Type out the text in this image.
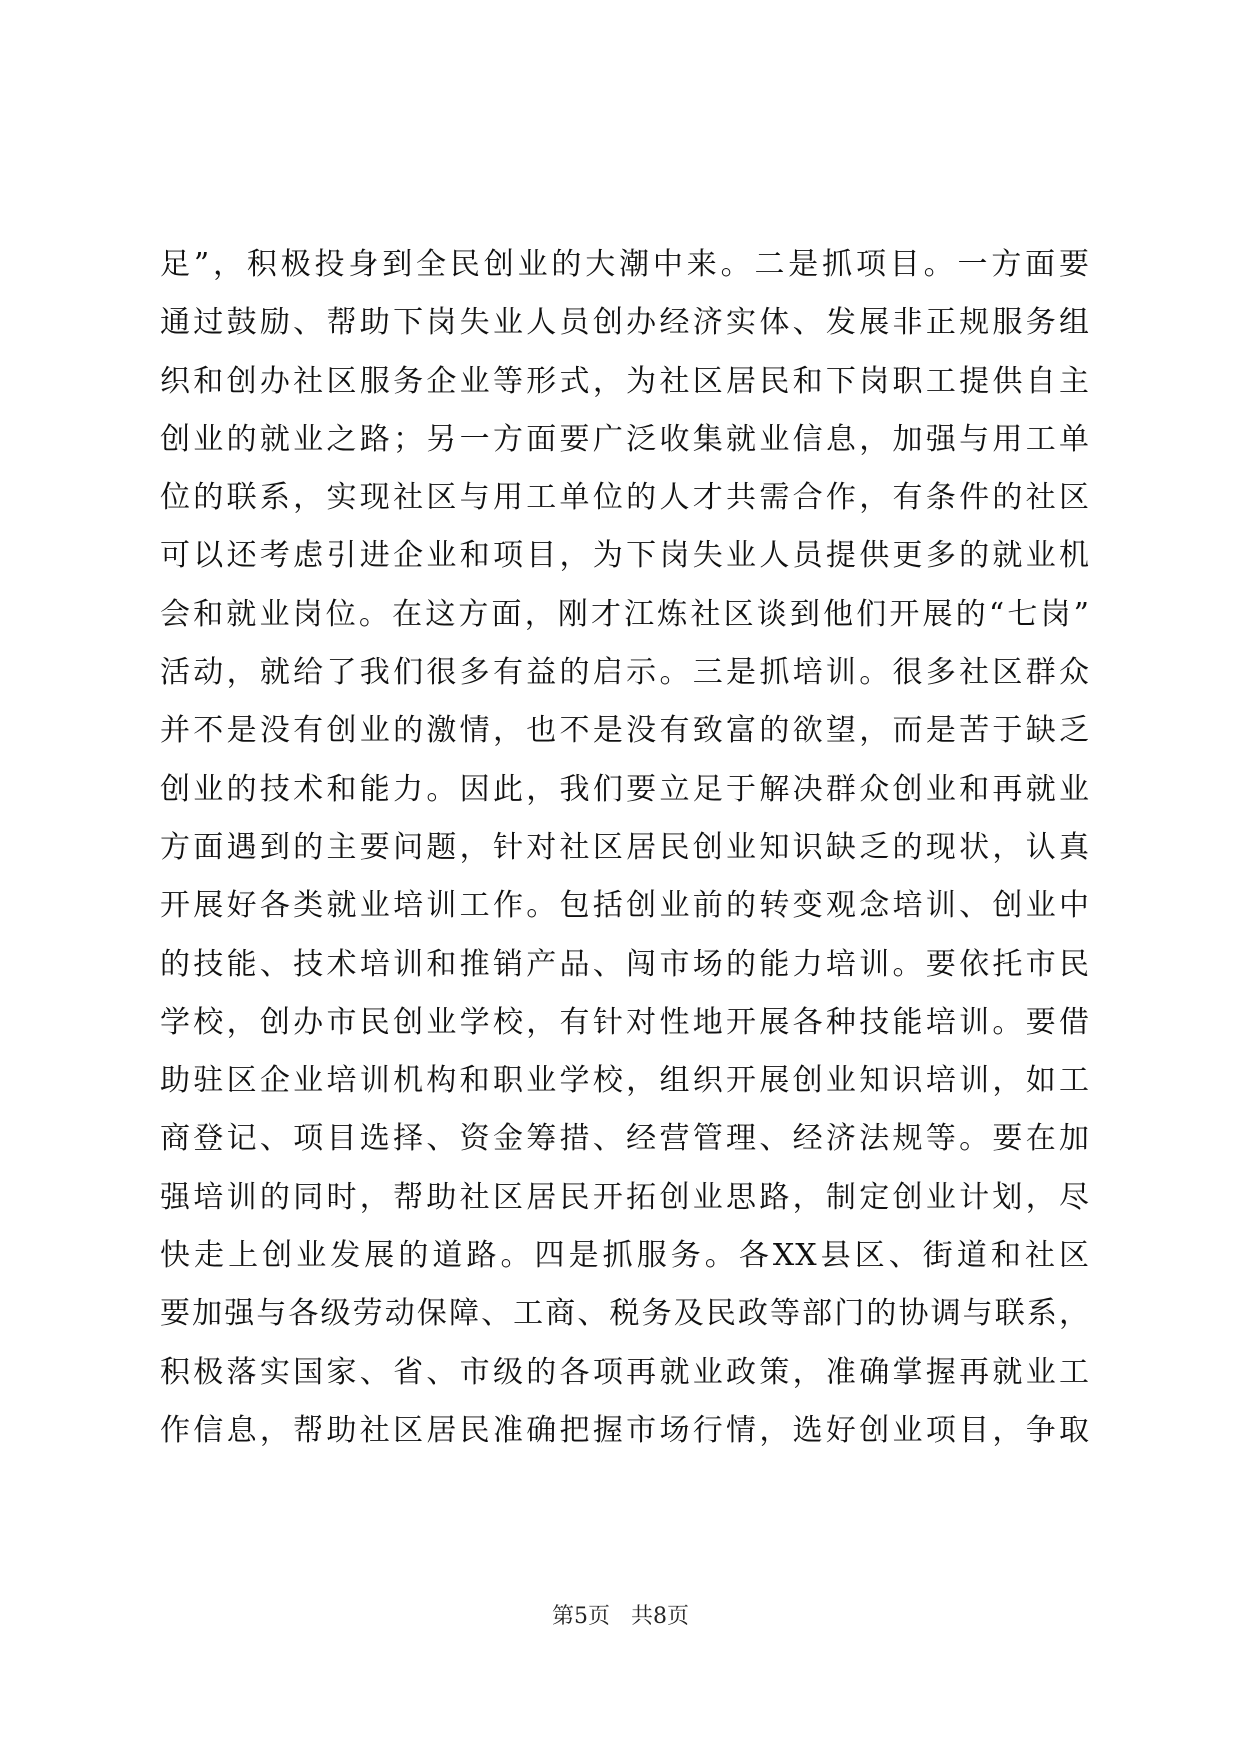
足”，积极投身到全民创业的大潮中来。二是抓项目。一方面要
通过鼓励、帮助下岗失业人员创办经济实体、发展非正规服务组
织和创办社区服务企业等形式，为社区居民和下岗职工提供自主
创业的就业之路；另一方面要广泛收集就业信息，加强与用工单
位的联系，实现社区与用工单位的人才共需合作，有条件的社区
可以还考虑引进企业和项目，为下岗失业人员提供更多的就业机
会和就业岗位。在这方面，刚才江炼社区谈到他们开展的“七岗”
活动，就给了我们很多有益的启示。三是抓培训。很多社区群众
并不是没有创业的激情，也不是没有致富的欲望，而是苦于缺乏
创业的技术和能力。因此，我们要立足于解决群众创业和再就业
方面遇到的主要问题，针对社区居民创业知识缺乏的现状，认真
开展好各类就业培训工作。包括创业前的转变观念培训、创业中
的技能、技术培训和推销产品、闯市场的能力培训。要依托市民
学校，创办市民创业学校，有针对性地开展各种技能培训。要借
助驻区企业培训机构和职业学校，组织开展创业知识培训，如工
商登记、项目选择、资金筹措、经营管理、经济法规等。要在加
强培训的同时，帮助社区居民开拓创业思路，制定创业计划，尽
快走上创业发展的道路。四是抓服务。各XX县区、街道和社区
要加强与各级劳动保障、工商、税务及民政等部门的协调与联系，
积极落实国家、省、市级的各项再就业政策，准确掌握再就业工
作信息，帮助社区居民准确把握市场行情，选好创业项目，争取
第5页 共8页
